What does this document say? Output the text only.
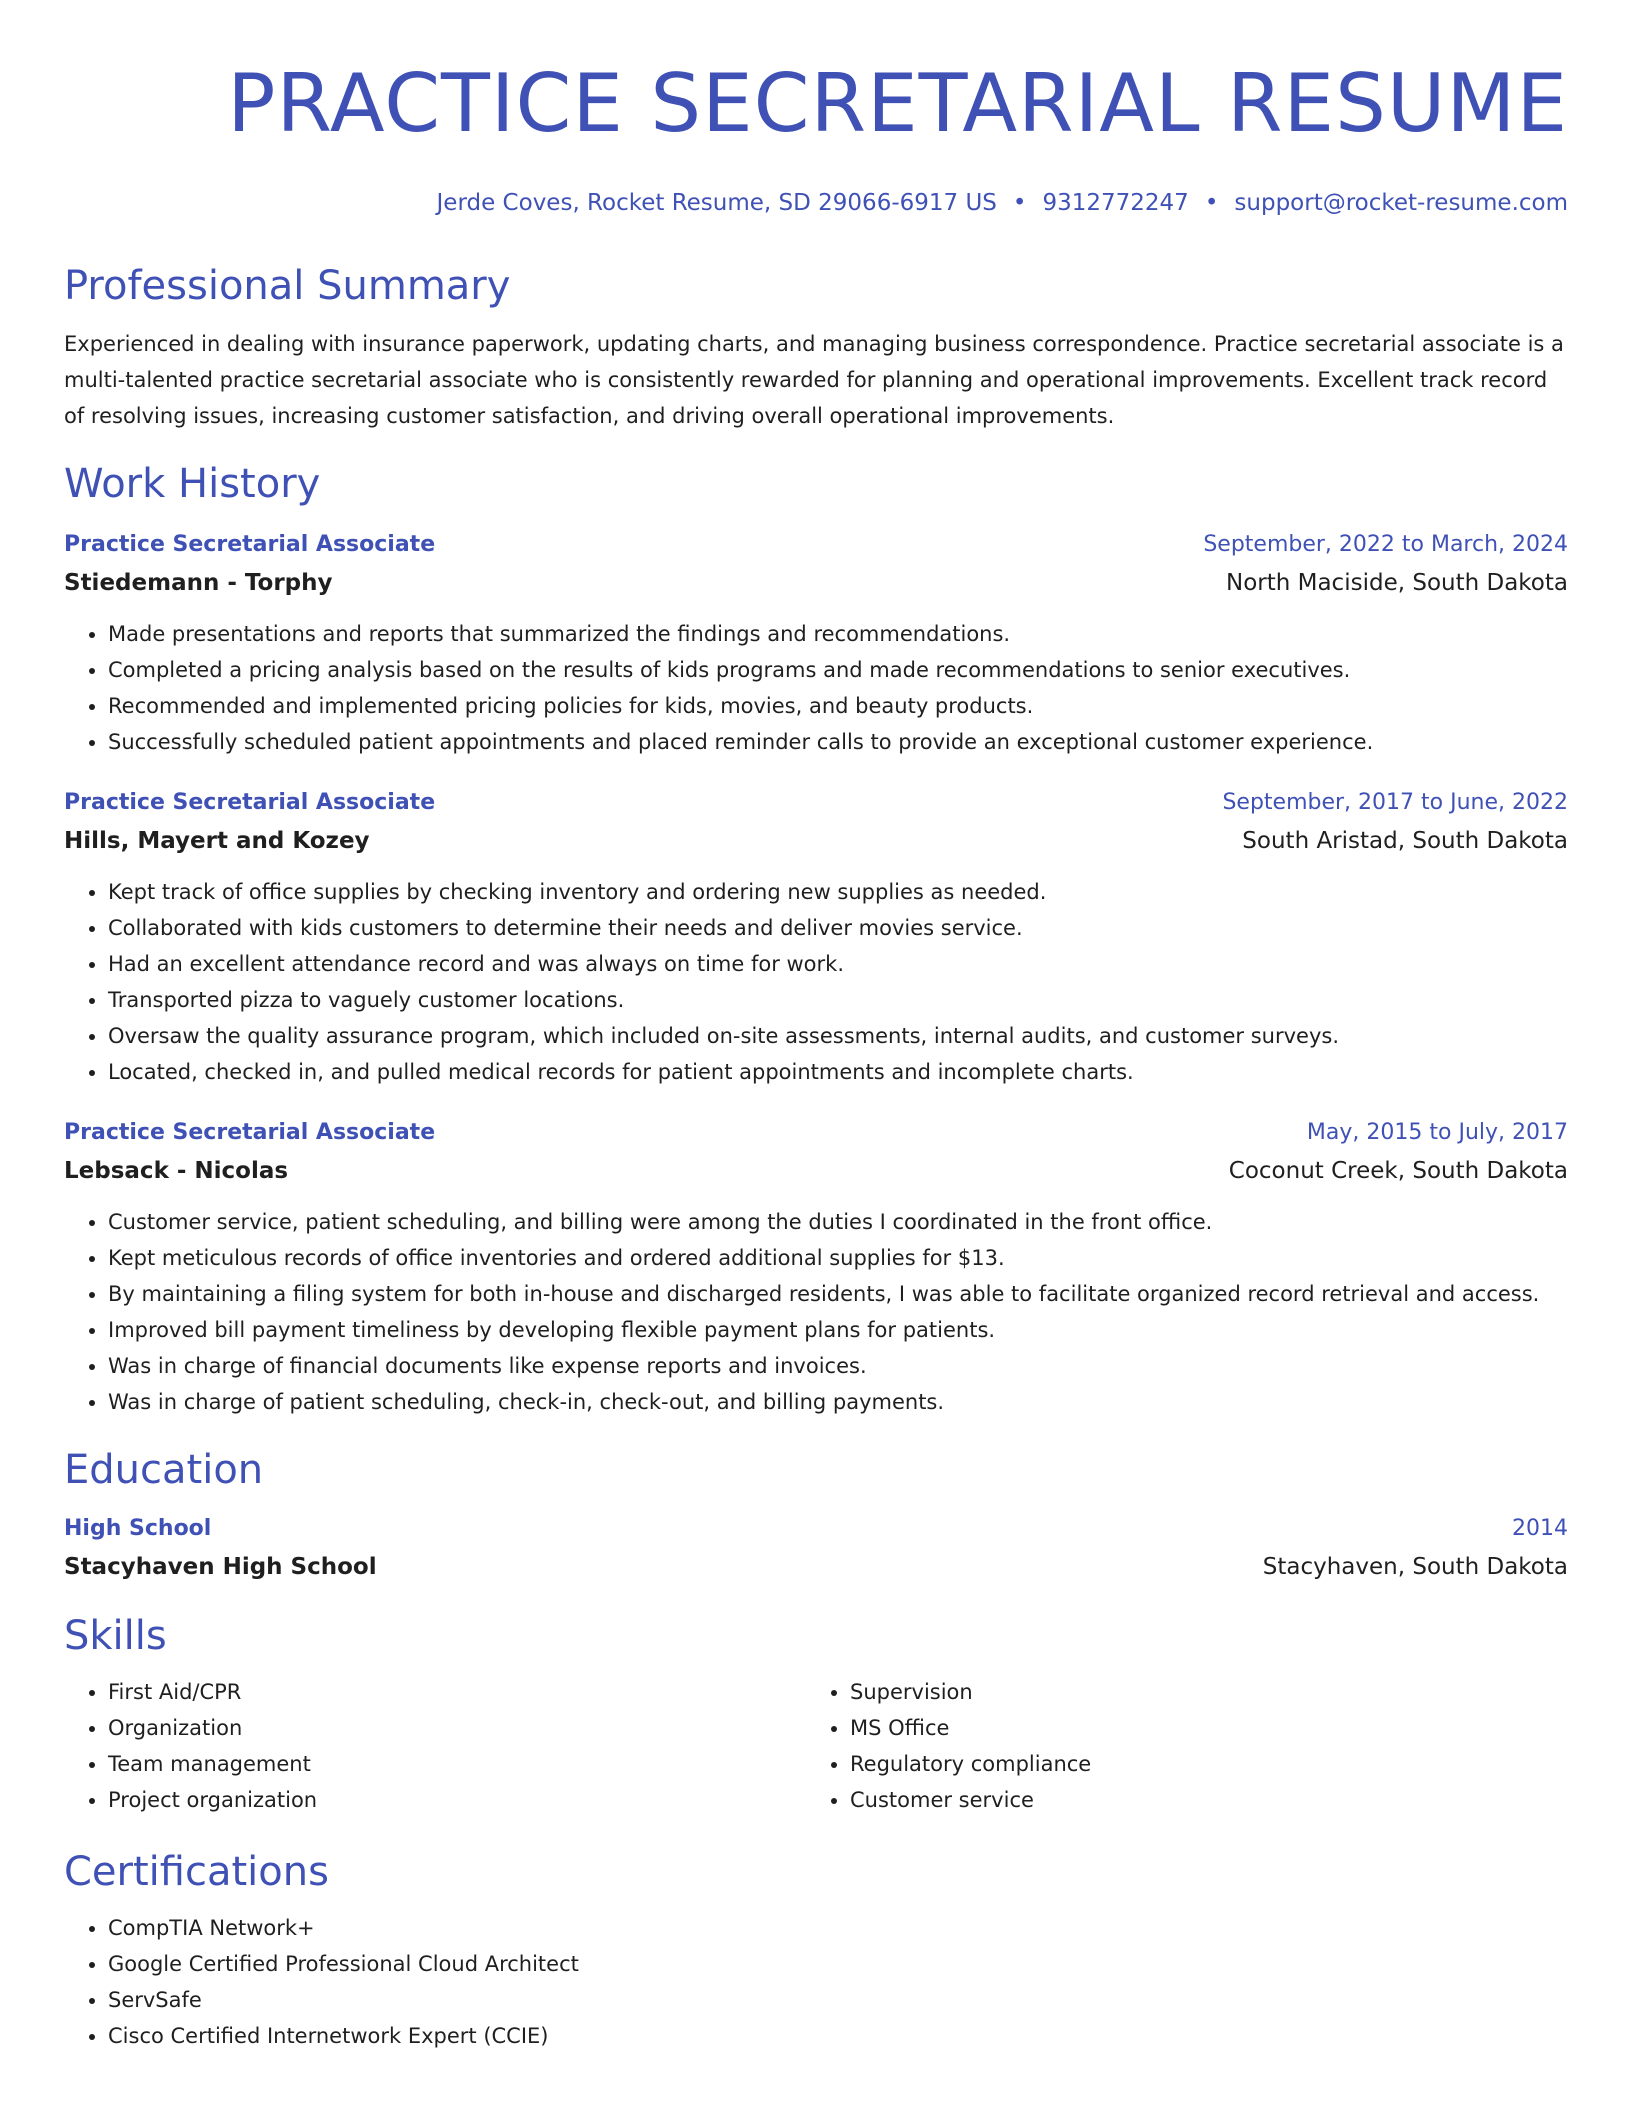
PRACTICE SECRETARIAL RESUME
Jerde Coves, Rocket Resume, SD 29066-6917 US • 9312772247 • support@rocket-resume.com
Professional Summary
Experienced in dealing with insurance paperwork, updating charts, and managing business correspondence. Practice secretarial associate is a multi-talented practice secretarial associate who is consistently rewarded for planning and operational improvements. Excellent track record of resolving issues, increasing customer satisfaction, and driving overall operational improvements.
Work History
Practice Secretarial Associate	September, 2022 to March, 2024
Stiedemann - Torphy	North Maciside, South Dakota
• Made presentations and reports that summarized the findings and recommendations.
• Completed a pricing analysis based on the results of kids programs and made recommendations to senior executives.
• Recommended and implemented pricing policies for kids, movies, and beauty products.
• Successfully scheduled patient appointments and placed reminder calls to provide an exceptional customer experience.
Practice Secretarial Associate	September, 2017 to June, 2022
Hills, Mayert and Kozey	South Aristad, South Dakota
• Kept track of office supplies by checking inventory and ordering new supplies as needed.
• Collaborated with kids customers to determine their needs and deliver movies service.
• Had an excellent attendance record and was always on time for work.
• Transported pizza to vaguely customer locations.
• Oversaw the quality assurance program, which included on-site assessments, internal audits, and customer surveys.
• Located, checked in, and pulled medical records for patient appointments and incomplete charts.
Practice Secretarial Associate	May, 2015 to July, 2017
Lebsack - Nicolas	Coconut Creek, South Dakota
• Customer service, patient scheduling, and billing were among the duties I coordinated in the front office.
• Kept meticulous records of office inventories and ordered additional supplies for $13.
• By maintaining a filing system for both in-house and discharged residents, I was able to facilitate organized record retrieval and access.
• Improved bill payment timeliness by developing flexible payment plans for patients.
• Was in charge of financial documents like expense reports and invoices.
• Was in charge of patient scheduling, check-in, check-out, and billing payments.
Education
High School	2014
Stacyhaven High School	Stacyhaven, South Dakota
Skills
• First Aid/CPR
• Organization
• Team management
• Project organization
• Supervision
• MS Office
• Regulatory compliance
• Customer service
Certifications
• CompTIA Network+
• Google Certified Professional Cloud Architect
• ServSafe
• Cisco Certified Internetwork Expert (CCIE)
